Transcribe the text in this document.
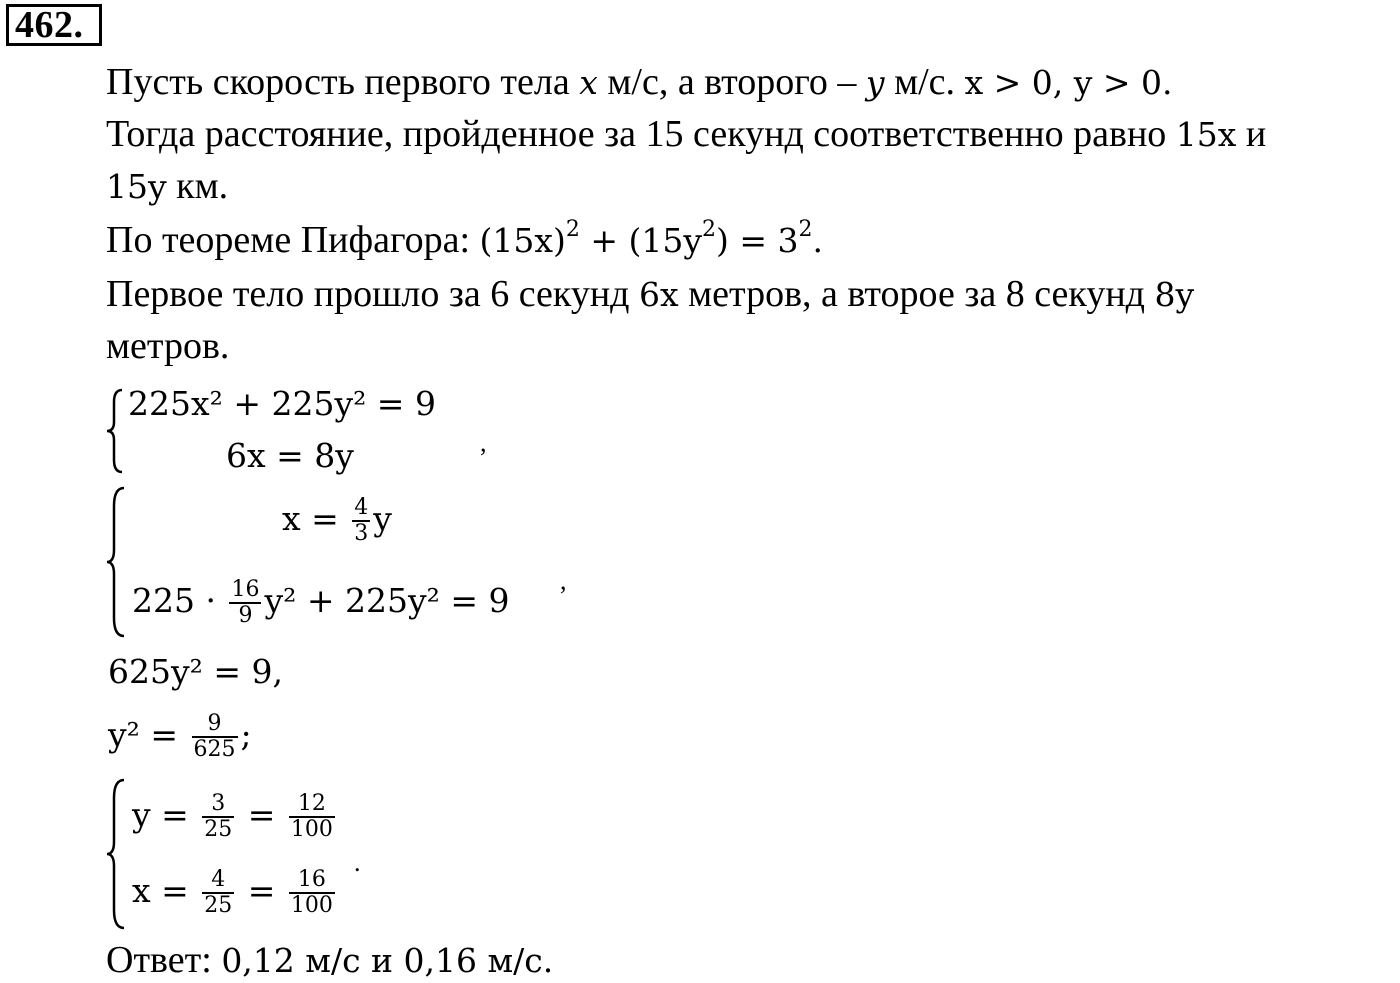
462.
Пусть скорость первого тела x м/с, а второго – y м/с. x > 0, y > 0.
Тогда расстояние, пройденное за 15 секунд соответственно равно 15x и
15y км.
По теореме Пифагора: $(15x)^2 + (15y^2) = 3^2$.
Первое тело прошло за 6 секунд 6x метров, а второе за 8 секунд 8y
метров.
225x² + 225y² = 9
6x = 8y	,
$x = \frac{4}{3}$ y
$225 \cdot \frac{16}{9} y^2 + 225y^2 = 9$
,
625y² = 9,
$y^2 = \frac{9}{625}$ ;
$y = \frac{3}{25} = \frac{12}{100}$
$x = \frac{4}{25} = \frac{16}{100}$
.
Ответ: 0,12 м/с и 0,16 м/с.
